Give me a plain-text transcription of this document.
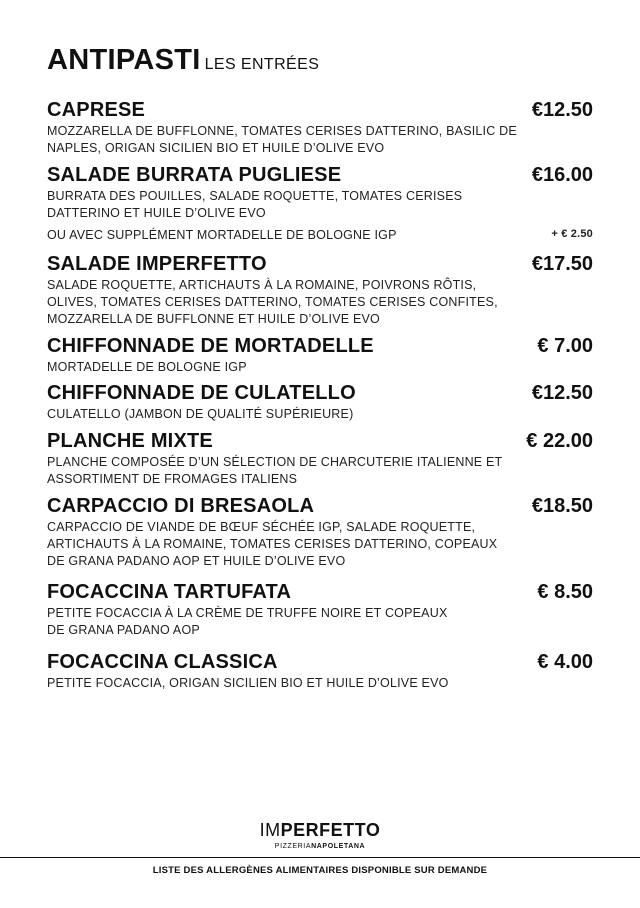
ANTIPASTI LES ENTRÉES
CAPRESE	€12.50
MOZZARELLA DE BUFFLONNE, TOMATES CERISES DATTERINO, BASILIC DE NAPLES, ORIGAN SICILIEN BIO ET HUILE D’OLIVE EVO
SALADE BURRATA PUGLIESE	€16.00
BURRATA DES POUILLES, SALADE ROQUETTE, TOMATES CERISES DATTERINO ET HUILE D’OLIVE EVO
OU AVEC SUPPLÉMENT MORTADELLE DE BOLOGNE IGP	+ € 2.50
SALADE IMPERFETTO	€17.50
SALADE ROQUETTE, ARTICHAUTS À LA ROMAINE, POIVRONS RÔTIS, OLIVES, TOMATES CERISES DATTERINO, TOMATES CERISES CONFITES, MOZZARELLA DE BUFFLONNE ET HUILE D’OLIVE EVO
CHIFFONNADE DE MORTADELLE	€ 7.00
MORTADELLE DE BOLOGNE IGP
CHIFFONNADE DE CULATELLO	€12.50
CULATELLO (JAMBON DE QUALITÉ SUPÉRIEURE)
PLANCHE MIXTE	€ 22.00
PLANCHE COMPOSÉE D’UN SÉLECTION DE CHARCUTERIE ITALIENNE ET ASSORTIMENT DE FROMAGES ITALIENS
CARPACCIO DI BRESAOLA	€18.50
CARPACCIO DE VIANDE DE BŒUF SÉCHÉE IGP, SALADE ROQUETTE, ARTICHAUTS À LA ROMAINE, TOMATES CERISES DATTERINO, COPEAUX DE GRANA PADANO AOP ET HUILE D’OLIVE EVO
FOCACCINA TARTUFATA	€ 8.50
PETITE FOCACCIA À LA CRÈME DE TRUFFE NOIRE ET COPEAUX DE GRANA PADANO AOP
FOCACCINA CLASSICA	€ 4.00
PETITE FOCACCIA, ORIGAN SICILIEN BIO ET HUILE D’OLIVE EVO
IMPERFETTO
PIZZERIANAPOLETANA
LISTE DES ALLERGÈNES ALIMENTAIRES DISPONIBLE SUR DEMANDE
